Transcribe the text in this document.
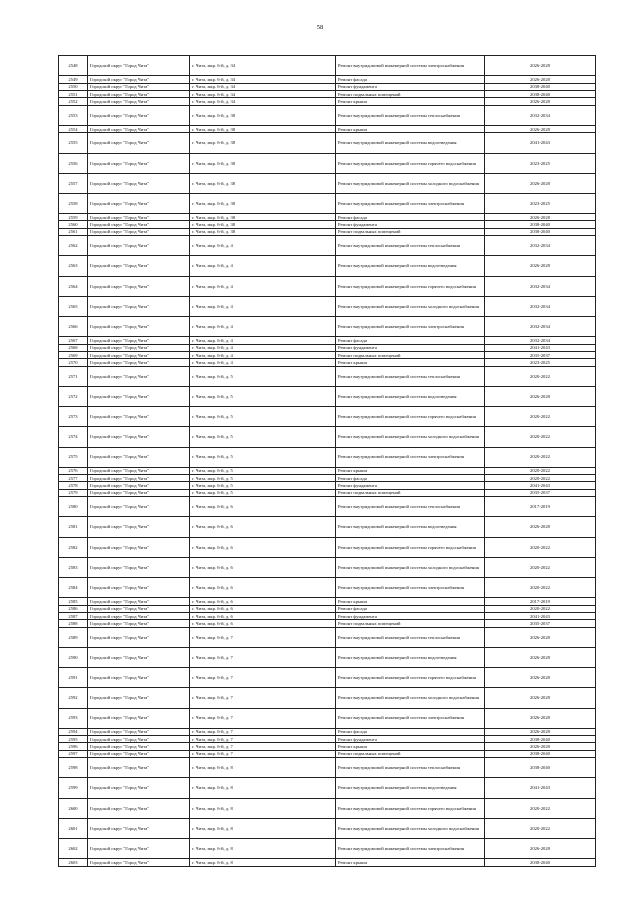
58
2548	Городской округ "Город Чита"	г. Чита, мкр. 6-й, д. 34	Ремонт внутридомовой инженерной системы электроснабжения	2026-2028
2549	Городской округ "Город Чита"	г. Чита, мкр. 6-й, д. 34	Ремонт фасада	2026-2028
2550	Городской округ "Город Чита"	г. Чита, мкр. 6-й, д. 34	Ремонт фундамента	2038-2040
2551	Городской округ "Город Чита"	г. Чита, мкр. 6-й, д. 34	Ремонт подвальных помещений	2038-2040
2552	Городской округ "Город Чита"	г. Чита, мкр. 6-й, д. 34	Ремонт крыши	2026-2028
2553	Городской округ "Город Чита"	г. Чита, мкр. 6-й, д. 38	Ремонт внутридомовой инженерной системы теплоснабжения	2032-2034
2554	Городской округ "Город Чита"	г. Чита, мкр. 6-й, д. 38	Ремонт крыши	2026-2028
2555	Городской округ "Город Чита"	г. Чита, мкр. 6-й, д. 38	Ремонт внутридомовой инженерной системы водоотведения	2041-2043
2556	Городской округ "Город Чита"	г. Чита, мкр. 6-й, д. 38	Ремонт внутридомовой инженерной системы горячего водоснабжения	2023-2025
2557	Городской округ "Город Чита"	г. Чита, мкр. 6-й, д. 38	Ремонт внутридомовой инженерной системы холодного водоснабжения	2026-2028
2558	Городской округ "Город Чита"	г. Чита, мкр. 6-й, д. 38	Ремонт внутридомовой инженерной системы электроснабжения	2023-2025
2559	Городской округ "Город Чита"	г. Чита, мкр. 6-й, д. 38	Ремонт фасада	2026-2028
2560	Городской округ "Город Чита"	г. Чита, мкр. 6-й, д. 38	Ремонт фундамента	2038-2040
2561	Городской округ "Город Чита"	г. Чита, мкр. 6-й, д. 38	Ремонт подвальных помещений	2038-2040
2562	Городской округ "Город Чита"	г. Чита, мкр. 6-й, д. 4	Ремонт внутридомовой инженерной системы теплоснабжения	2032-2034
2563	Городской округ "Город Чита"	г. Чита, мкр. 6-й, д. 4	Ремонт внутридомовой инженерной системы водоотведения	2026-2028
2564	Городской округ "Город Чита"	г. Чита, мкр. 6-й, д. 4	Ремонт внутридомовой инженерной системы горячего водоснабжения	2032-2034
2565	Городской округ "Город Чита"	г. Чита, мкр. 6-й, д. 4	Ремонт внутридомовой инженерной системы холодного водоснабжения	2032-2034
2566	Городской округ "Город Чита"	г. Чита, мкр. 6-й, д. 4	Ремонт внутридомовой инженерной системы электроснабжения	2032-2034
2567	Городской округ "Город Чита"	г. Чита, мкр. 6-й, д. 4	Ремонт фасада	2032-2034
2568	Городской округ "Город Чита"	г. Чита, мкр. 6-й, д. 4	Ремонт фундамента	2041-2043
2569	Городской округ "Город Чита"	г. Чита, мкр. 6-й, д. 4	Ремонт подвальных помещений	2035-2037
2570	Городской округ "Город Чита"	г. Чита, мкр. 6-й, д. 4	Ремонт крыши	2023-2025
2571	Городской округ "Город Чита"	г. Чита, мкр. 6-й, д. 5	Ремонт внутридомовой инженерной системы теплоснабжения	2020-2022
2572	Городской округ "Город Чита"	г. Чита, мкр. 6-й, д. 5	Ремонт внутридомовой инженерной системы водоотведения	2026-2028
2573	Городской округ "Город Чита"	г. Чита, мкр. 6-й, д. 5	Ремонт внутридомовой инженерной системы горячего водоснабжения	2020-2022
2574	Городской округ "Город Чита"	г. Чита, мкр. 6-й, д. 5	Ремонт внутридомовой инженерной системы холодного водоснабжения	2020-2022
2575	Городской округ "Город Чита"	г. Чита, мкр. 6-й, д. 5	Ремонт внутридомовой инженерной системы электроснабжения	2020-2022
2576	Городской округ "Город Чита"	г. Чита, мкр. 6-й, д. 5	Ремонт крыши	2020-2022
2577	Городской округ "Город Чита"	г. Чита, мкр. 6-й, д. 5	Ремонт фасада	2020-2022
2578	Городской округ "Город Чита"	г. Чита, мкр. 6-й, д. 5	Ремонт фундамента	2041-2043
2579	Городской округ "Город Чита"	г. Чита, мкр. 6-й, д. 5	Ремонт подвальных помещений	2035-2037
2580	Городской округ "Город Чита"	г. Чита, мкр. 6-й, д. 6	Ремонт внутридомовой инженерной системы теплоснабжения	2017-2019
2581	Городской округ "Город Чита"	г. Чита, мкр. 6-й, д. 6	Ремонт внутридомовой инженерной системы водоотведения	2026-2028
2582	Городской округ "Город Чита"	г. Чита, мкр. 6-й, д. 6	Ремонт внутридомовой инженерной системы горячего водоснабжения	2020-2022
2583	Городской округ "Город Чита"	г. Чита, мкр. 6-й, д. 6	Ремонт внутридомовой инженерной системы холодного водоснабжения	2020-2022
2584	Городской округ "Город Чита"	г. Чита, мкр. 6-й, д. 6	Ремонт внутридомовой инженерной системы электроснабжения	2020-2022
2585	Городской округ "Город Чита"	г. Чита, мкр. 6-й, д. 6	Ремонт крыши	2017-2019
2586	Городской округ "Город Чита"	г. Чита, мкр. 6-й, д. 6	Ремонт фасада	2020-2022
2587	Городской округ "Город Чита"	г. Чита, мкр. 6-й, д. 6	Ремонт фундамента	2041-2043
2588	Городской округ "Город Чита"	г. Чита, мкр. 6-й, д. 6	Ремонт подвальных помещений	2035-2037
2589	Городской округ "Город Чита"	г. Чита, мкр. 6-й, д. 7	Ремонт внутридомовой инженерной системы теплоснабжения	2026-2028
2590	Городской округ "Город Чита"	г. Чита, мкр. 6-й, д. 7	Ремонт внутридомовой инженерной системы водоотведения	2026-2028
2591	Городской округ "Город Чита"	г. Чита, мкр. 6-й, д. 7	Ремонт внутридомовой инженерной системы горячего водоснабжения	2026-2028
2592	Городской округ "Город Чита"	г. Чита, мкр. 6-й, д. 7	Ремонт внутридомовой инженерной системы холодного водоснабжения	2026-2028
2593	Городской округ "Город Чита"	г. Чита, мкр. 6-й, д. 7	Ремонт внутридомовой инженерной системы электроснабжения	2026-2028
2594	Городской округ "Город Чита"	г. Чита, мкр. 6-й, д. 7	Ремонт фасада	2026-2028
2595	Городской округ "Город Чита"	г. Чита, мкр. 6-й, д. 7	Ремонт фундамента	2038-2040
2596	Городской округ "Город Чита"	г. Чита, мкр. 6-й, д. 7	Ремонт крыши	2026-2028
2597	Городской округ "Город Чита"	г. Чита, мкр. 6-й, д. 7	Ремонт подвальных помещений	2038-2040
2598	Городской округ "Город Чита"	г. Чита, мкр. 6-й, д. 8	Ремонт внутридомовой инженерной системы теплоснабжения	2038-2040
2599	Городской округ "Город Чита"	г. Чита, мкр. 6-й, д. 8	Ремонт внутридомовой инженерной системы водоотведения	2041-2043
2600	Городской округ "Город Чита"	г. Чита, мкр. 6-й, д. 8	Ремонт внутридомовой инженерной системы горячего водоснабжения	2020-2022
2601	Городской округ "Город Чита"	г. Чита, мкр. 6-й, д. 8	Ремонт внутридомовой инженерной системы холодного водоснабжения	2020-2022
2602	Городской округ "Город Чита"	г. Чита, мкр. 6-й, д. 8	Ремонт внутридомовой инженерной системы электроснабжения	2026-2028
2603	Городской округ "Город Чита"	г. Чита, мкр. 6-й, д. 8	Ремонт крыши	2038-2040
